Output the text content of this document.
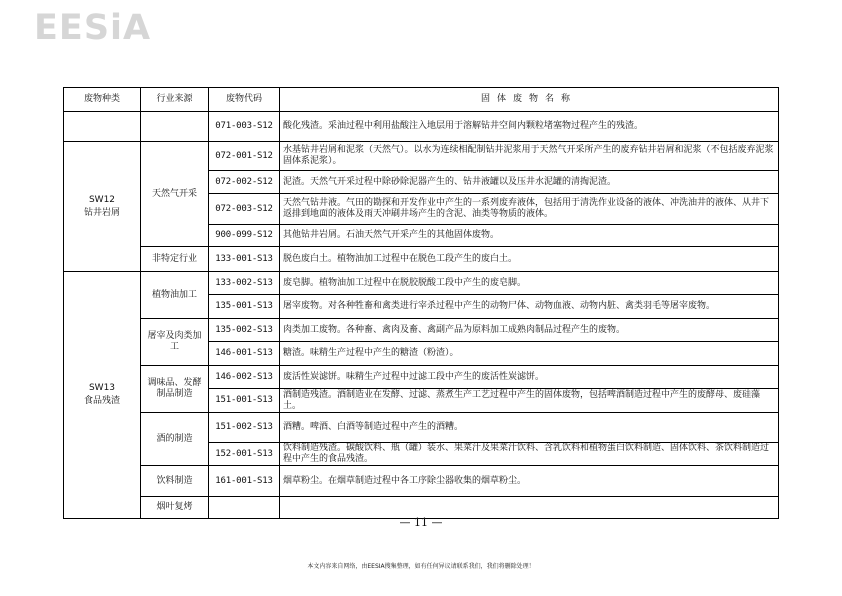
EESiA
废物种类	行业来源	废物代码	固体废物名称
		071-003-S12	酸化残渣。采油过程中利用盐酸注入地层用于溶解钻井空间内颗粒堵塞物过程产生的残渣。

SW12
钻井岩屑	天然气开采	072-001-S12	水基钻井岩屑和泥浆（天然气）。以水为连续相配制钻井泥浆用于天然气开采所产生的废弃钻井岩屑和泥浆（不包括废弃泥浆固体系泥浆）。
		072-002-S12	泥渣。天然气开采过程中除砂除泥器产生的、钻井液罐以及压井水泥罐的清掏泥渣。
		072-003-S12	天然气钻井液。气田的勘探和开发作业中产生的一系列废弃液体，包括用于清洗作业设备的液体、冲洗油井的液体、从井下返排到地面的液体及雨天冲刷井场产生的含泥、油类等物质的液体。
		900-099-S12	其他钻井岩屑。石油天然气开采产生的其他固体废物。
	非特定行业	133-001-S13	脱色废白土。植物油加工过程中在脱色工段产生的废白土。

SW13
食品残渣	植物油加工	133-002-S13	废皂脚。植物油加工过程中在脱胶脱酸工段中产生的废皂脚。
		135-001-S13	屠宰废物。对各种牲畜和禽类进行宰杀过程中产生的动物尸体、动物血液、动物内脏、禽类羽毛等屠宰废物。
	屠宰及肉类加工	135-002-S13	肉类加工废物。各种畜、禽肉及畜、禽副产品为原料加工成熟肉制品过程产生的废物。
		146-001-S13	糖渣。味精生产过程中产生的糖渣（粉渣）。
	调味品、发酵制品制造	146-002-S13	废活性炭滤饼。味精生产过程中过滤工段中产生的废活性炭滤饼。
		151-001-S13	酒制造残渣。酒制造业在发酵、过滤、蒸煮生产工艺过程中产生的固体废物，包括啤酒制造过程中产生的废酵母、废硅藻土。
	酒的制造	151-002-S13	酒糟。啤酒、白酒等制造过程中产生的酒糟。
		152-001-S13	饮料制造残渣。碳酸饮料、瓶（罐）装水、果菜汁及果菜汁饮料、含乳饮料和植物蛋白饮料制造、固体饮料、茶饮料制造过程中产生的食品残渣。
	饮料制造	161-001-S13	烟草粉尘。在烟草制造过程中各工序除尘器收集的烟草粉尘。
	烟叶复烤		
— 11 —
本文内容来自网络，由EESIA搜集整理，如有任何异议请联系我们，我们将删除处理！
